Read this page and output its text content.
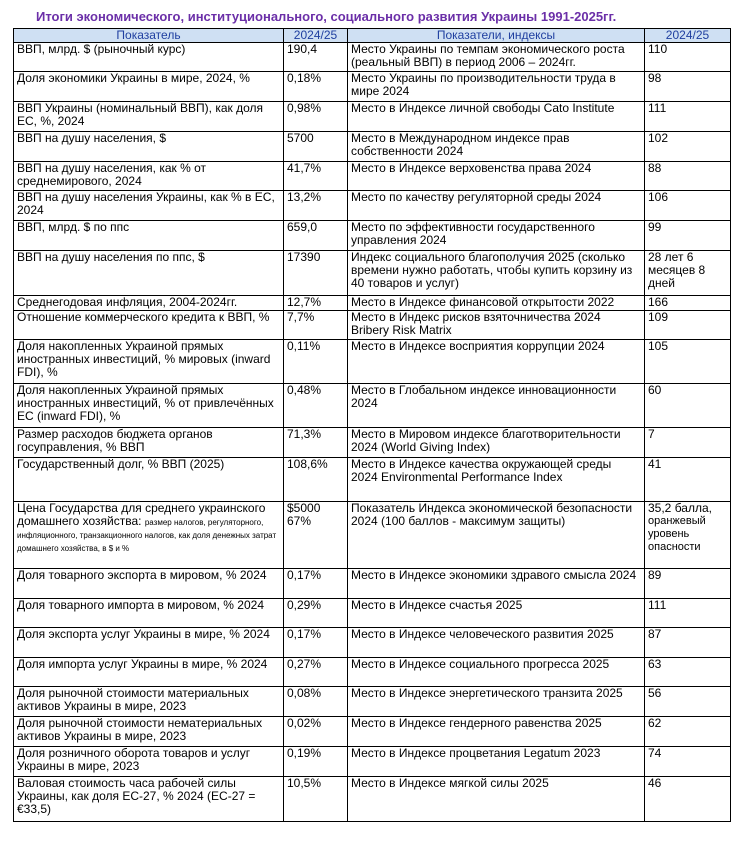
Итоги экономического, институционального, социального развития Украины 1991-2025гг.
Показатель	2024/25	Показатели, индексы	2024/25
ВВП, млрд. $ (рыночный курс)	190,4	Место Украины по темпам экономического роста (реальный ВВП) в период 2006 – 2024гг.	110
Доля экономики Украины в мире, 2024, %	0,18%	Место Украины по производительности труда в мире 2024	98
ВВП Украины (номинальный ВВП), как доля ЕС, %, 2024	0,98%	Место в Индексе личной свободы Cato Institute	111
ВВП на душу населения, $	5700	Место в Международном индексе прав собственности 2024	102
ВВП на душу населения, как % от среднемирового, 2024	41,7%	Место в Индексе верховенства права 2024	88
ВВП на душу населения Украины, как % в ЕС, 2024	13,2%	Место по качеству регуляторной среды 2024	106
ВВП, млрд. $ по ппс	659,0	Место по эффективности государственного управления 2024	99
ВВП на душу населения по ппс, $	17390	Индекс социального благополучия 2025 (сколько времени нужно работать, чтобы купить корзину из 40 товаров и услуг)	28 лет 6 месяцев 8 дней
Среднегодовая инфляция, 2004-2024гг.	12,7%	Место в Индексе финансовой открытости 2022	166
Отношение коммерческого кредита к ВВП, %	7,7%	Место в Индекс рисков взяточничества 2024 Bribery Risk Matrix	109
Доля накопленных Украиной прямых иностранных инвестиций, % мировых (inward FDI), %	0,11%	Место в Индексе восприятия коррупции 2024	105
Доля накопленных Украиной прямых иностранных инвестиций, % от привлечённых ЕС (inward FDI), %	0,48%	Место в Глобальном индексе инновационности 2024	60
Размер расходов бюджета органов госуправления, % ВВП	71,3%	Место в Мировом индексе благотворительности 2024 (World Giving Index)	7
Государственный долг, % ВВП (2025)	108,6%	Место в Индексе качества окружающей среды 2024 Environmental Performance Index	41
Цена Государства для среднего украинского домашнего хозяйства: размер налогов, регуляторного, инфляционного, транзакционного налогов, как доля денежных затрат домашнего хозяйства, в $ и %	$5000 67%	Показатель Индекса экономической безопасности 2024 (100 баллов - максимум защиты)	35,2 балла,
оранжевый уровень опасности

Доля товарного экспорта в мировом, % 2024	0,17%	Место в Индексе экономики здравого смысла 2024	89
Доля товарного импорта в мировом, % 2024	0,29%	Место в Индексе счастья 2025	111
Доля экспорта услуг Украины в мире, % 2024	0,17%	Место в Индексе человеческого развития 2025	87
Доля импорта услуг Украины в мире, % 2024	0,27%	Место в Индексе социального прогресса 2025	63
Доля рыночной стоимости материальных активов Украины в мире, 2023	0,08%	Место в Индексе энергетического транзита 2025	56
Доля рыночной стоимости нематериальных активов Украины в мире, 2023	0,02%	Место в Индексе гендерного равенства 2025	62
Доля розничного оборота товаров и услуг Украины в мире, 2023	0,19%	Место в Индексе процветания Legatum 2023	74
Валовая стоимость часа рабочей силы Украины, как доля ЕС-27, % 2024 (ЕС-27 = €33,5)	10,5%	Место в Индексе мягкой силы 2025	46
